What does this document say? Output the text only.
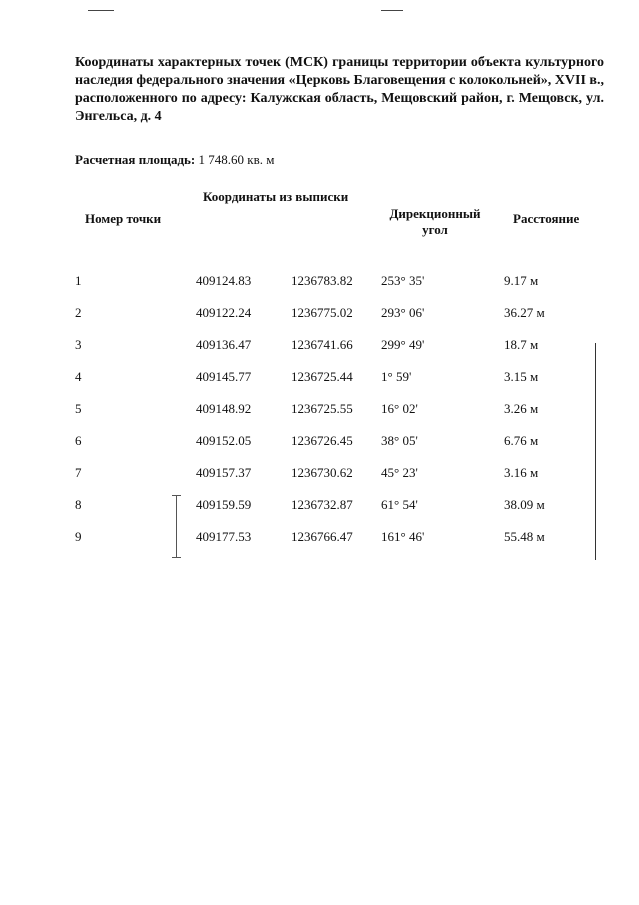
Координаты характерных точек (МСК) границы территории объекта культурного наследия федерального значения «Церковь Благовещения с колокольней», XVII в., расположенного по адресу: Калужская область, Мещовский район, г. Мещовск, ул. Энгельса, д. 4
Расчетная площадь: 1 748.60 кв. м
Номер точки
Координаты из выписки
Дирекционный угол
Расстояние
1	409124.83	1236783.82 253° 35'	9.17 м
2	409122.24	1236775.02 293° 06'	36.27 м
3	409136.47	1236741.66 299° 49'	18.7 м
4	409145.77	1236725.44 1° 59'	3.15 м
5	409148.92	1236725.55 16° 02'	3.26 м
6	409152.05	1236726.45 38° 05'	6.76 м
7	409157.37	1236730.62 45° 23'	3.16 м
8	409159.59	1236732.87 61° 54'	38.09 м
9	409177.53	1236766.47 161° 46'	55.48 м
